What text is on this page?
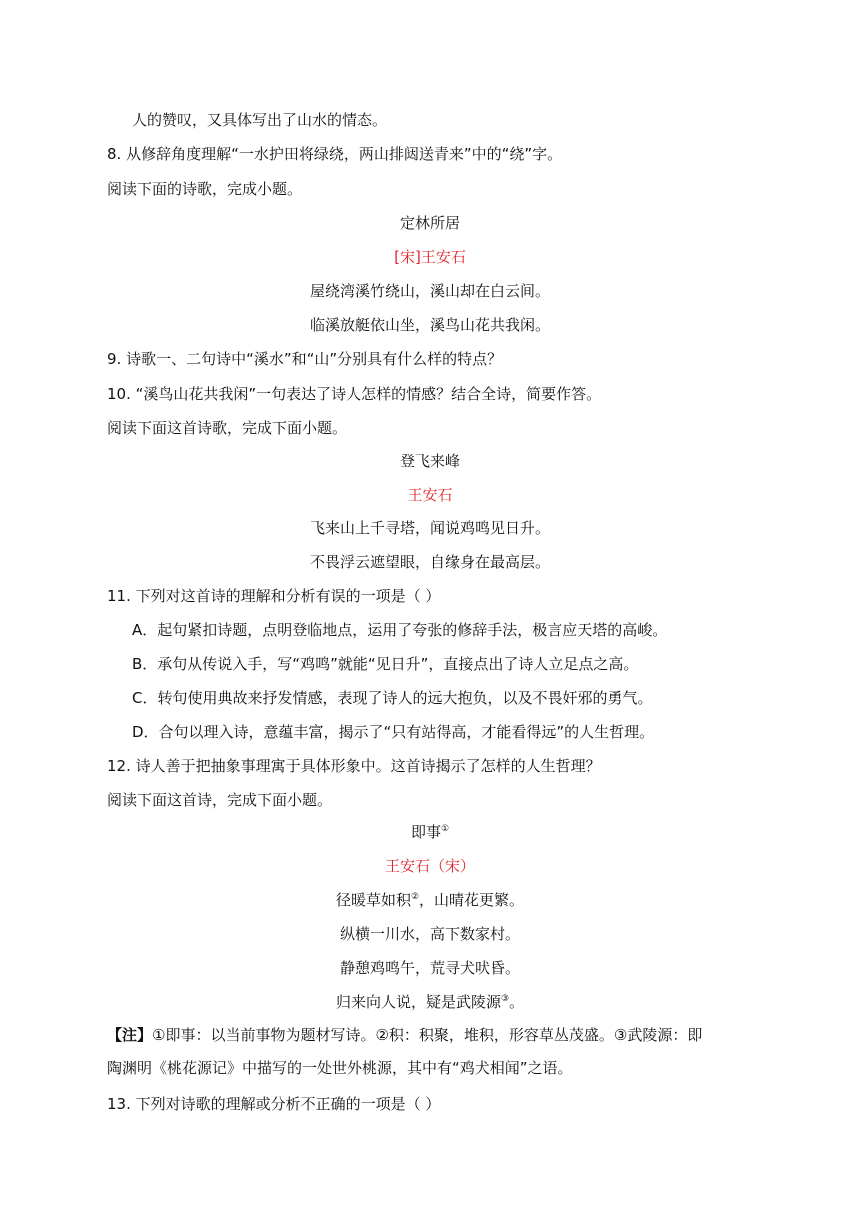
人的赞叹，又具体写出了山水的情态。
8. 从修辞角度理解“一水护田将绿绕，两山排闼送青来”中的“绕”字。
阅读下面的诗歌，完成小题。
定林所居
[宋]王安石
屋绕湾溪竹绕山，溪山却在白云间。
临溪放艇依山坐，溪鸟山花共我闲。
9. 诗歌一、二句诗中“溪水”和“山”分别具有什么样的特点？
10. “溪鸟山花共我闲”一句表达了诗人怎样的情感？结合全诗，简要作答。
阅读下面这首诗歌，完成下面小题。
登飞来峰
王安石
飞来山上千寻塔，闻说鸡鸣见日升。
不畏浮云遮望眼，自缘身在最高层。
11. 下列对这首诗的理解和分析有误的一项是（ ）
A．起句紧扣诗题，点明登临地点，运用了夸张的修辞手法，极言应天塔的高峻。
B．承句从传说入手，写“鸡鸣”就能“见日升”，直接点出了诗人立足点之高。
C．转句使用典故来抒发情感，表现了诗人的远大抱负，以及不畏奸邪的勇气。
D．合句以理入诗，意蕴丰富，揭示了“只有站得高，才能看得远”的人生哲理。
12. 诗人善于把抽象事理寓于具体形象中。这首诗揭示了怎样的人生哲理？
阅读下面这首诗，完成下面小题。
即事①
王安石（宋）
径暖草如积②，山晴花更繁。
纵横一川水，高下数家村。
静憩鸡鸣午，荒寻犬吠昏。
归来向人说，疑是武陵源③。
【注】①即事：以当前事物为题材写诗。②积：积聚，堆积，形容草丛茂盛。③武陵源：即
陶渊明《桃花源记》中描写的一处世外桃源，其中有“鸡犬相闻”之语。
13. 下列对诗歌的理解或分析不正确的一项是（ ）
